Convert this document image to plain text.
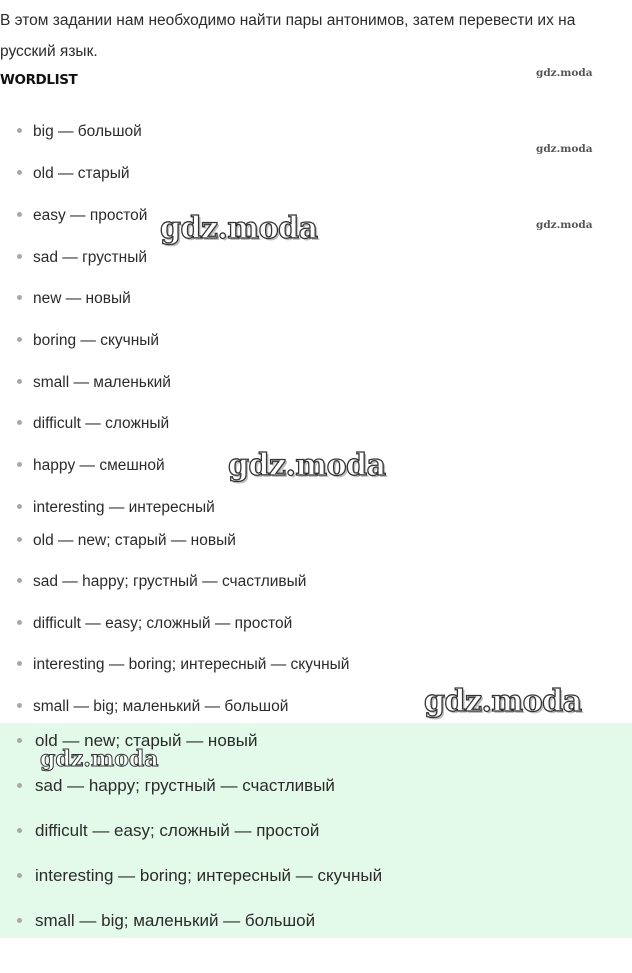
В этом задании нам необходимо найти пары антонимов, затем перевести их на русский язык.
WORDLIST
big — большой
old — старый
easy — простой
sad — грустный
new — новый
boring — скучный
small — маленький
difficult — сложный
happy — смешной
interesting — интересный
old — new; старый — новый
sad — happy; грустный — счастливый
difficult — easy; сложный — простой
interesting — boring; интересный — скучный
small — big; маленький — большой
old — new; старый — новый
sad — happy; грустный — счастливый
difficult — easy; сложный — простой
interesting — boring; интересный — скучный
small — big; маленький — большой
gdz.moda
gdz.moda
gdz.moda
gdz.moda
gdz.moda
gdz.moda
gdz.moda
